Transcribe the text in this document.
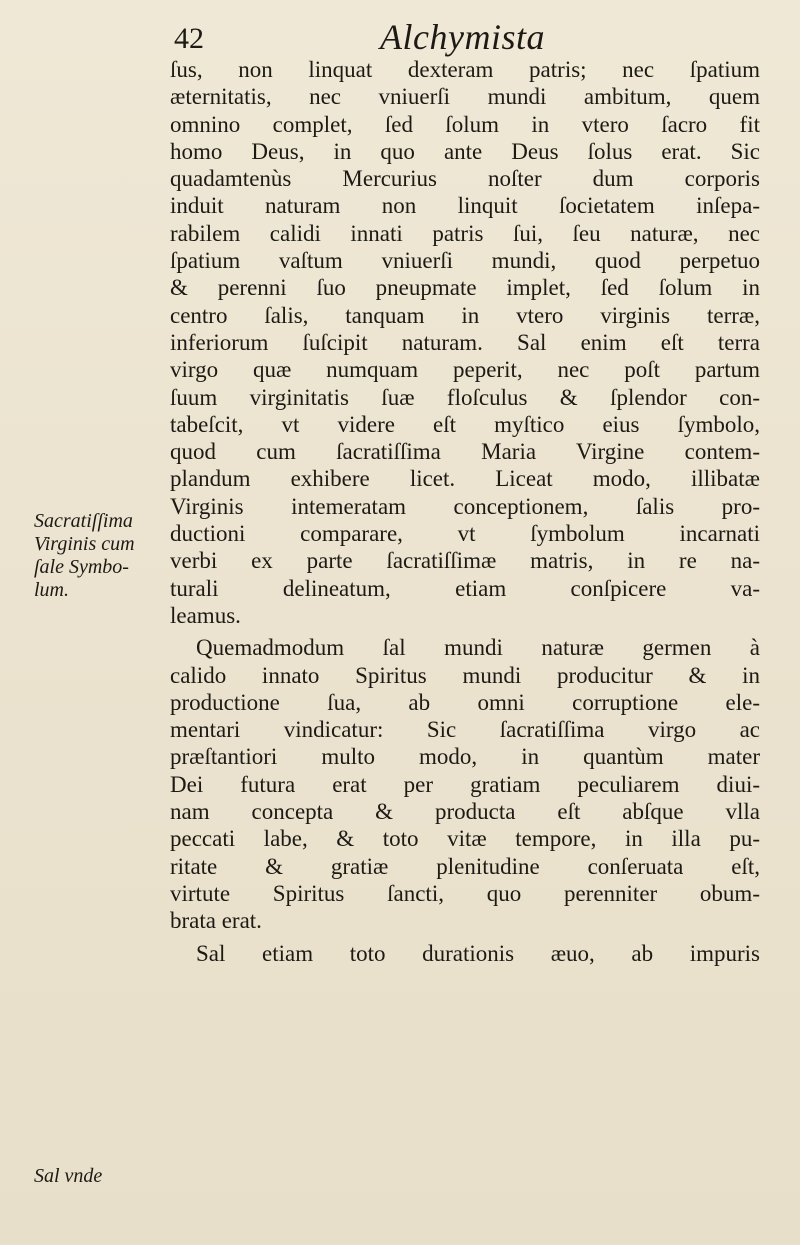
42	Alchymista
ſus, non linquat dexteram patris; nec ſpatium
æternitatis, nec vniuerſi mundi ambitum, quem
omnino complet, ſed ſolum in vtero ſacro fit
homo Deus, in quo ante Deus ſolus erat. Sic
quadamtenùs Mercurius noſter dum corporis
induit naturam non linquit ſocietatem inſepa-
rabilem calidi innati patris ſui, ſeu naturæ, nec
ſpatium vaſtum vniuerſi mundi, quod perpetuo
& perenni ſuo pneupmate implet, ſed ſolum in
centro ſalis, tanquam in vtero virginis terræ,
inferiorum ſuſcipit naturam. Sal enim eſt terra
virgo quæ numquam peperit, nec poſt partum
ſuum virginitatis ſuæ floſculus & ſplendor con-
tabeſcit, vt videre eſt myſtico eius ſymbolo,
quod cum ſacratiſſima Maria Virgine contem-
plandum exhibere licet. Liceat modo, illibatæ
Virginis intemeratam conceptionem, ſalis pro-
ductioni comparare, vt ſymbolum incarnati
verbi ex parte ſacratiſſimæ matris, in re na-
turali delineatum, etiam conſpicere va-
leamus.
Quemadmodum ſal mundi naturæ germen à
calido innato Spiritus mundi producitur & in
productione ſua, ab omni corruptione ele-
mentari vindicatur: Sic ſacratiſſima virgo ac
præſtantiori multo modo, in quantùm mater
Dei futura erat per gratiam peculiarem diui-
nam concepta & producta eſt abſque vlla
peccati labe, & toto vitæ tempore, in illa pu-
ritate & gratiæ plenitudine conſeruata eſt,
virtute Spiritus ſancti, quo perenniter obum-
brata erat.
Sal etiam toto durationis æuo, ab impuris
Sacratiſſima
Virginis cum
ſale Symbo-
lum.
Sal vnde
